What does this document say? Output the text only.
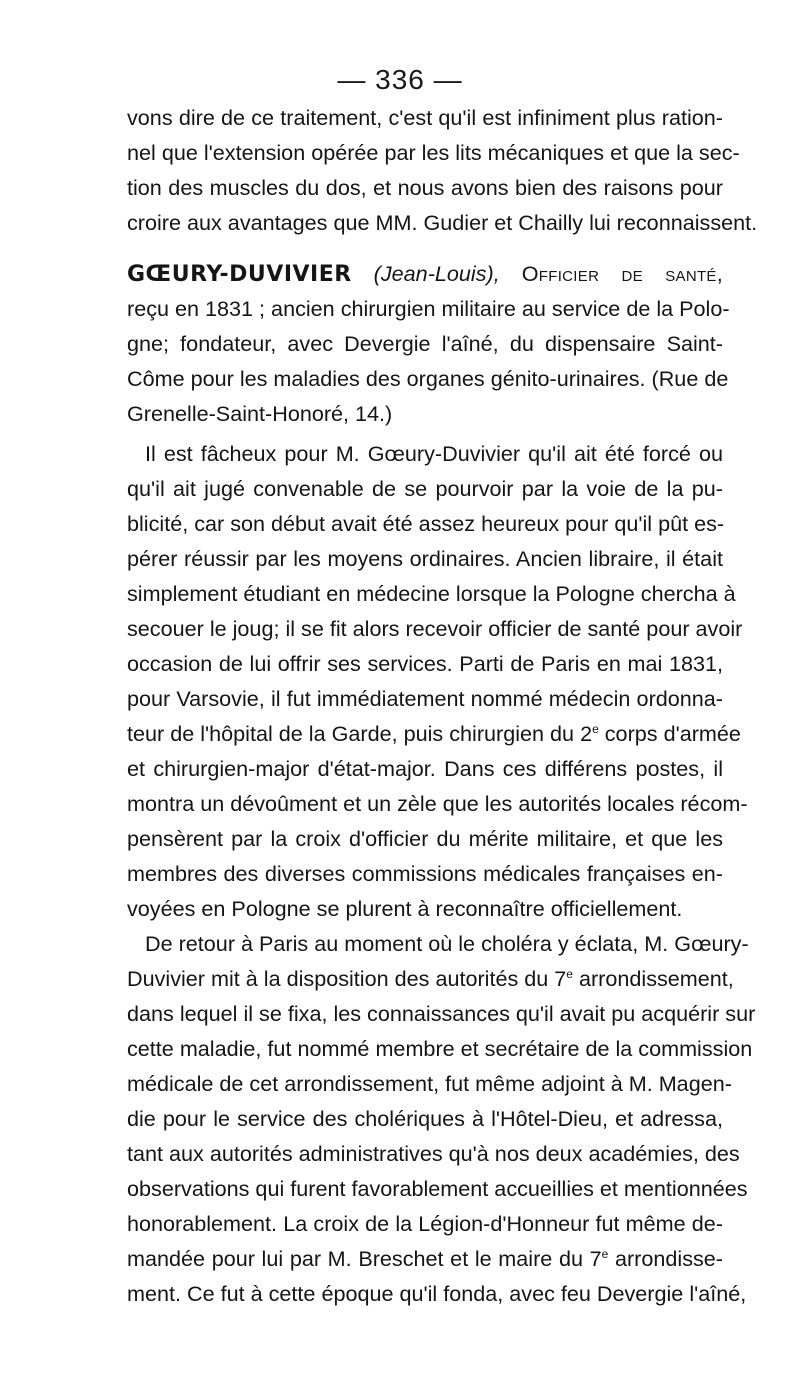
— 336 —
vons dire de ce traitement, c'est qu'il est infiniment plus ration-
nel que l'extension opérée par les lits mécaniques et que la sec-
tion des muscles du dos, et nous avons bien des raisons pour
croire aux avantages que MM. Gudier et Chailly lui reconnaissent.
GŒURY-DUVIVIER (Jean-Louis), Officier de santé,
reçu en 1831 ; ancien chirurgien militaire au service de la Polo-
gne; fondateur, avec Devergie l'aîné, du dispensaire Saint-
Côme pour les maladies des organes génito-urinaires. (Rue de
Grenelle-Saint-Honoré, 14.)
Il est fâcheux pour M. Gœury-Duvivier qu'il ait été forcé ou
qu'il ait jugé convenable de se pourvoir par la voie de la pu-
blicité, car son début avait été assez heureux pour qu'il pût es-
pérer réussir par les moyens ordinaires. Ancien libraire, il était
simplement étudiant en médecine lorsque la Pologne chercha à
secouer le joug; il se fit alors recevoir officier de santé pour avoir
occasion de lui offrir ses services. Parti de Paris en mai 1831,
pour Varsovie, il fut immédiatement nommé médecin ordonna-
teur de l'hôpital de la Garde, puis chirurgien du 2e corps d'armée
et chirurgien-major d'état-major. Dans ces différens postes, il
montra un dévoûment et un zèle que les autorités locales récom-
pensèrent par la croix d'officier du mérite militaire, et que les
membres des diverses commissions médicales françaises en-
voyées en Pologne se plurent à reconnaître officiellement.
De retour à Paris au moment où le choléra y éclata, M. Gœury-
Duvivier mit à la disposition des autorités du 7e arrondissement,
dans lequel il se fixa, les connaissances qu'il avait pu acquérir sur
cette maladie, fut nommé membre et secrétaire de la commission
médicale de cet arrondissement, fut même adjoint à M. Magen-
die pour le service des cholériques à l'Hôtel-Dieu, et adressa,
tant aux autorités administratives qu'à nos deux académies, des
observations qui furent favorablement accueillies et mentionnées
honorablement. La croix de la Légion-d'Honneur fut même de-
mandée pour lui par M. Breschet et le maire du 7e arrondisse-
ment. Ce fut à cette époque qu'il fonda, avec feu Devergie l'aîné,
